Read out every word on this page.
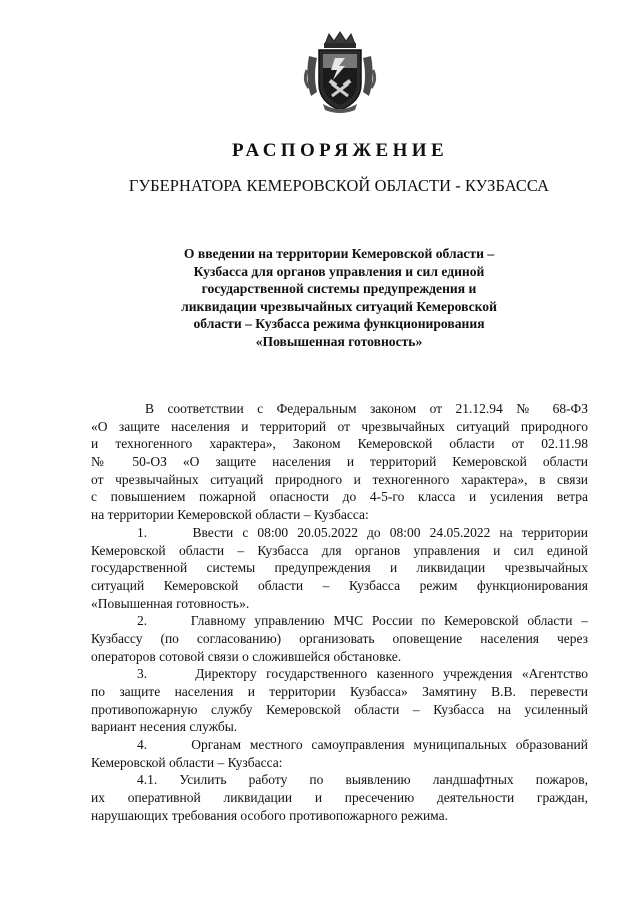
РАСПОРЯЖЕНИЕ
ГУБЕРНАТОРА КЕМЕРОВСКОЙ ОБЛАСТИ - КУЗБАССА
О введении на территории Кемеровской области –
Кузбасса для органов управления и сил единой
государственной системы предупреждения и
ликвидации чрезвычайных ситуаций Кемеровской
области – Кузбасса режима функционирования
«Повышенная готовность»
В соответствии с Федеральным законом от 21.12.94 № 68-ФЗ
«О защите населения и территорий от чрезвычайных ситуаций природного
и техногенного характера», Законом Кемеровской области от 02.11.98
№ 50-ОЗ «О защите населения и территорий Кемеровской области
от чрезвычайных ситуаций природного и техногенного характера», в связи
с повышением пожарной опасности до 4-5-го класса и усиления ветра
на территории Кемеровской области – Кузбасса:
1.     Ввести с 08:00 20.05.2022 до 08:00 24.05.2022 на территории
Кемеровской области – Кузбасса для органов управления и сил единой
государственной системы предупреждения и ликвидации чрезвычайных
ситуаций Кемеровской области – Кузбасса режим функционирования
«Повышенная готовность».
2.     Главному управлению МЧС России по Кемеровской области –
Кузбассу (по согласованию) организовать оповещение населения через
операторов сотовой связи о сложившейся обстановке.
3.     Директору государственного казенного учреждения «Агентство
по защите населения и территории Кузбасса» Замятину В.В. перевести
противопожарную службу Кемеровской области – Кузбасса на усиленный
вариант несения службы.
4.     Органам местного самоуправления муниципальных образований
Кемеровской области – Кузбасса:
4.1. Усилить работу по выявлению ландшафтных пожаров,
их оперативной ликвидации и пресечению деятельности граждан,
нарушающих требования особого противопожарного режима.
